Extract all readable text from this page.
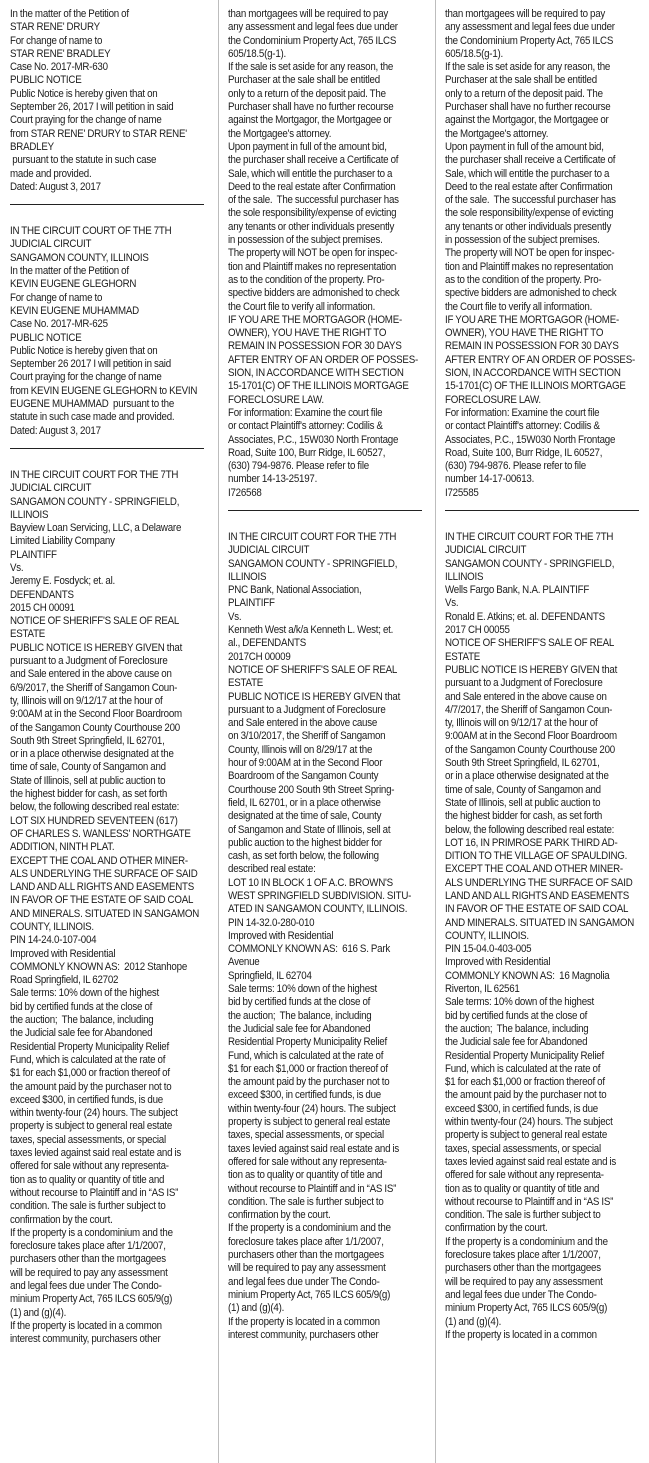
In the matter of the Petition of
STAR RENE' DRURY
For change of name to
STAR RENE' BRADLEY
Case No. 2017-MR-630
PUBLIC NOTICE
Public Notice is hereby given that on
September 26, 2017 I will petition in said
Court praying for the change of name
from STAR RENE' DRURY to STAR RENE'
BRADLEY
pursuant to the statute in such case
made and provided.
Dated: August 3, 2017
IN THE CIRCUIT COURT OF THE 7TH
JUDICIAL CIRCUIT
SANGAMON COUNTY, ILLINOIS
In the matter of the Petition of
KEVIN EUGENE GLEGHORN
For change of name to
KEVIN EUGENE MUHAMMAD
Case No. 2017-MR-625
PUBLIC NOTICE
Public Notice is hereby given that on
September 26 2017 I will petition in said
Court praying for the change of name
from KEVIN EUGENE GLEGHORN to KEVIN
EUGENE MUHAMMAD  pursuant to the
statute in such case made and provided.
Dated: August 3, 2017
IN THE CIRCUIT COURT FOR THE 7TH
JUDICIAL CIRCUIT
SANGAMON COUNTY - SPRINGFIELD,
ILLINOIS
Bayview Loan Servicing, LLC, a Delaware
Limited Liability Company
PLAINTIFF
Vs.
Jeremy E. Fosdyck; et. al.
DEFENDANTS
2015 CH 00091
NOTICE OF SHERIFF'S SALE OF REAL
ESTATE
PUBLIC NOTICE IS HEREBY GIVEN that
pursuant to a Judgment of Foreclosure
and Sale entered in the above cause on
6/9/2017, the Sheriff of Sangamon Coun-
ty, Illinois will on 9/12/17 at the hour of
9:00AM at in the Second Floor Boardroom
of the Sangamon County Courthouse 200
South 9th Street Springfield, IL 62701,
or in a place otherwise designated at the
time of sale, County of Sangamon and
State of Illinois, sell at public auction to
the highest bidder for cash, as set forth
below, the following described real estate:
LOT SIX HUNDRED SEVENTEEN (617)
OF CHARLES S. WANLESS' NORTHGATE
ADDITION, NINTH PLAT.
EXCEPT THE COAL AND OTHER MINER-
ALS UNDERLYING THE SURFACE OF SAID
LAND AND ALL RIGHTS AND EASEMENTS
IN FAVOR OF THE ESTATE OF SAID COAL
AND MINERALS. SITUATED IN SANGAMON
COUNTY, ILLINOIS.
PIN 14-24.0-107-004
Improved with Residential
COMMONLY KNOWN AS:  2012 Stanhope
Road Springfield, IL 62702
Sale terms: 10% down of the highest
bid by certified funds at the close of
the auction;  The balance, including
the Judicial sale fee for Abandoned
Residential Property Municipality Relief
Fund, which is calculated at the rate of
$1 for each $1,000 or fraction thereof of
the amount paid by the purchaser not to
exceed $300, in certified funds, is due
within twenty-four (24) hours. The subject
property is subject to general real estate
taxes, special assessments, or special
taxes levied against said real estate and is
offered for sale without any representa-
tion as to quality or quantity of title and
without recourse to Plaintiff and in “AS IS”
condition. The sale is further subject to
confirmation by the court.
If the property is a condominium and the
foreclosure takes place after 1/1/2007,
purchasers other than the mortgagees
will be required to pay any assessment
and legal fees due under The Condo-
minium Property Act, 765 ILCS 605/9(g)
(1) and (g)(4).
If the property is located in a common
interest community, purchasers other
than mortgagees will be required to pay
any assessment and legal fees due under
the Condominium Property Act, 765 ILCS
605/18.5(g-1).
If the sale is set aside for any reason, the
Purchaser at the sale shall be entitled
only to a return of the deposit paid. The
Purchaser shall have no further recourse
against the Mortgagor, the Mortgagee or
the Mortgagee's attorney.
Upon payment in full of the amount bid,
the purchaser shall receive a Certificate of
Sale, which will entitle the purchaser to a
Deed to the real estate after Confirmation
of the sale.  The successful purchaser has
the sole responsibility/expense of evicting
any tenants or other individuals presently
in possession of the subject premises.
The property will NOT be open for inspec-
tion and Plaintiff makes no representation
as to the condition of the property. Pro-
spective bidders are admonished to check
the Court file to verify all information.
IF YOU ARE THE MORTGAGOR (HOME-
OWNER), YOU HAVE THE RIGHT TO
REMAIN IN POSSESSION FOR 30 DAYS
AFTER ENTRY OF AN ORDER OF POSSES-
SION, IN ACCORDANCE WITH SECTION
15-1701(C) OF THE ILLINOIS MORTGAGE
FORECLOSURE LAW.
For information: Examine the court file
or contact Plaintiff's attorney: Codilis &
Associates, P.C., 15W030 North Frontage
Road, Suite 100, Burr Ridge, IL 60527,
(630) 794-9876. Please refer to file
number 14-13-25197.
I726568
IN THE CIRCUIT COURT FOR THE 7TH
JUDICIAL CIRCUIT
SANGAMON COUNTY - SPRINGFIELD,
ILLINOIS
PNC Bank, National Association,
PLAINTIFF
Vs.
Kenneth West a/k/a Kenneth L. West; et.
al., DEFENDANTS
2017CH 00009
NOTICE OF SHERIFF'S SALE OF REAL
ESTATE
PUBLIC NOTICE IS HEREBY GIVEN that
pursuant to a Judgment of Foreclosure
and Sale entered in the above cause
on 3/10/2017, the Sheriff of Sangamon
County, Illinois will on 8/29/17 at the
hour of 9:00AM at in the Second Floor
Boardroom of the Sangamon County
Courthouse 200 South 9th Street Spring-
field, IL 62701, or in a place otherwise
designated at the time of sale, County
of Sangamon and State of Illinois, sell at
public auction to the highest bidder for
cash, as set forth below, the following
described real estate:
LOT 10 IN BLOCK 1 OF A.C. BROWN'S
WEST SPRINGFIELD SUBDIVISION. SITU-
ATED IN SANGAMON COUNTY, ILLINOIS.
PIN 14-32.0-280-010
Improved with Residential
COMMONLY KNOWN AS:  616 S. Park
Avenue
Springfield, IL 62704
Sale terms: 10% down of the highest
bid by certified funds at the close of
the auction;  The balance, including
the Judicial sale fee for Abandoned
Residential Property Municipality Relief
Fund, which is calculated at the rate of
$1 for each $1,000 or fraction thereof of
the amount paid by the purchaser not to
exceed $300, in certified funds, is due
within twenty-four (24) hours. The subject
property is subject to general real estate
taxes, special assessments, or special
taxes levied against said real estate and is
offered for sale without any representa-
tion as to quality or quantity of title and
without recourse to Plaintiff and in “AS IS”
condition. The sale is further subject to
confirmation by the court.
If the property is a condominium and the
foreclosure takes place after 1/1/2007,
purchasers other than the mortgagees
will be required to pay any assessment
and legal fees due under The Condo-
minium Property Act, 765 ILCS 605/9(g)
(1) and (g)(4).
If the property is located in a common
interest community, purchasers other
than mortgagees will be required to pay
any assessment and legal fees due under
the Condominium Property Act, 765 ILCS
605/18.5(g-1).
If the sale is set aside for any reason, the
Purchaser at the sale shall be entitled
only to a return of the deposit paid. The
Purchaser shall have no further recourse
against the Mortgagor, the Mortgagee or
the Mortgagee's attorney.
Upon payment in full of the amount bid,
the purchaser shall receive a Certificate of
Sale, which will entitle the purchaser to a
Deed to the real estate after Confirmation
of the sale.  The successful purchaser has
the sole responsibility/expense of evicting
any tenants or other individuals presently
in possession of the subject premises.
The property will NOT be open for inspec-
tion and Plaintiff makes no representation
as to the condition of the property. Pro-
spective bidders are admonished to check
the Court file to verify all information.
IF YOU ARE THE MORTGAGOR (HOME-
OWNER), YOU HAVE THE RIGHT TO
REMAIN IN POSSESSION FOR 30 DAYS
AFTER ENTRY OF AN ORDER OF POSSES-
SION, IN ACCORDANCE WITH SECTION
15-1701(C) OF THE ILLINOIS MORTGAGE
FORECLOSURE LAW.
For information: Examine the court file
or contact Plaintiff's attorney: Codilis &
Associates, P.C., 15W030 North Frontage
Road, Suite 100, Burr Ridge, IL 60527,
(630) 794-9876. Please refer to file
number 14-17-00613.
I725585
IN THE CIRCUIT COURT FOR THE 7TH
JUDICIAL CIRCUIT
SANGAMON COUNTY - SPRINGFIELD,
ILLINOIS
Wells Fargo Bank, N.A. PLAINTIFF
Vs.
Ronald E. Atkins; et. al. DEFENDANTS
2017 CH 00055
NOTICE OF SHERIFF'S SALE OF REAL
ESTATE
PUBLIC NOTICE IS HEREBY GIVEN that
pursuant to a Judgment of Foreclosure
and Sale entered in the above cause on
4/7/2017, the Sheriff of Sangamon Coun-
ty, Illinois will on 9/12/17 at the hour of
9:00AM at in the Second Floor Boardroom
of the Sangamon County Courthouse 200
South 9th Street Springfield, IL 62701,
or in a place otherwise designated at the
time of sale, County of Sangamon and
State of Illinois, sell at public auction to
the highest bidder for cash, as set forth
below, the following described real estate:
LOT 16, IN PRIMROSE PARK THIRD AD-
DITION TO THE VILLAGE OF SPAULDING.
EXCEPT THE COAL AND OTHER MINER-
ALS UNDERLYING THE SURFACE OF SAID
LAND AND ALL RIGHTS AND EASEMENTS
IN FAVOR OF THE ESTATE OF SAID COAL
AND MINERALS. SITUATED IN SANGAMON
COUNTY, ILLINOIS.
PIN 15-04.0-403-005
Improved with Residential
COMMONLY KNOWN AS:  16 Magnolia
Riverton, IL 62561
Sale terms: 10% down of the highest
bid by certified funds at the close of
the auction;  The balance, including
the Judicial sale fee for Abandoned
Residential Property Municipality Relief
Fund, which is calculated at the rate of
$1 for each $1,000 or fraction thereof of
the amount paid by the purchaser not to
exceed $300, in certified funds, is due
within twenty-four (24) hours. The subject
property is subject to general real estate
taxes, special assessments, or special
taxes levied against said real estate and is
offered for sale without any representa-
tion as to quality or quantity of title and
without recourse to Plaintiff and in “AS IS”
condition. The sale is further subject to
confirmation by the court.
If the property is a condominium and the
foreclosure takes place after 1/1/2007,
purchasers other than the mortgagees
will be required to pay any assessment
and legal fees due under The Condo-
minium Property Act, 765 ILCS 605/9(g)
(1) and (g)(4).
If the property is located in a common
